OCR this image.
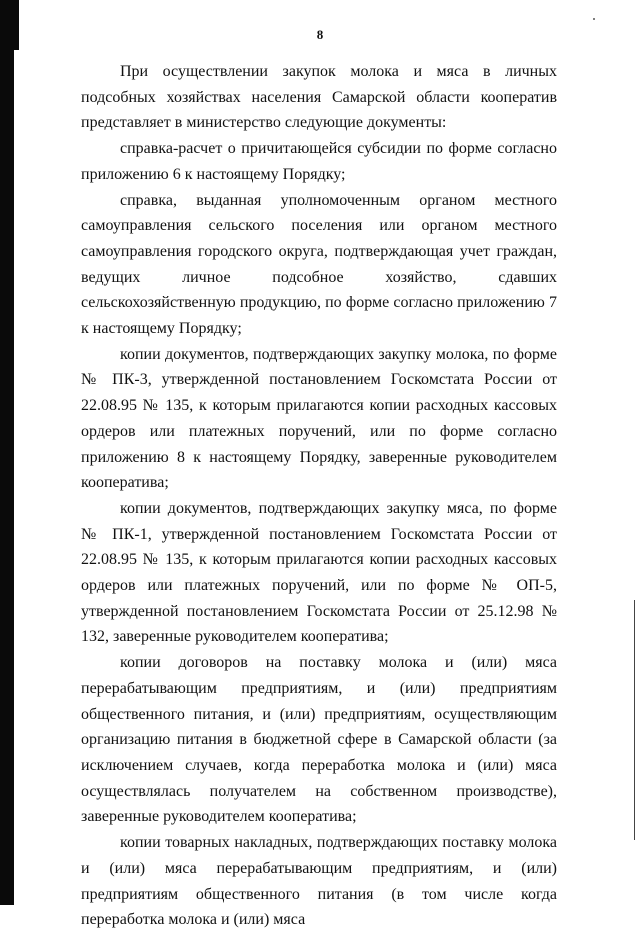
8

При осуществлении закупок молока и мяса в личных подсобных хозяйствах населения Самарской области кооператив представляет в министерство следующие документы:

справка-расчет о причитающейся субсидии по форме согласно приложению 6 к настоящему Порядку;

справка, выданная уполномоченным органом местного самоуправления сельского поселения или органом местного самоуправления городского округа, подтверждающая учет граждан, ведущих личное подсобное хозяйство, сдавших сельскохозяйственную продукцию, по форме согласно приложению 7 к настоящему Порядку;

копии документов, подтверждающих закупку молока, по форме № ПК-3, утвержденной постановлением Госкомстата России от 22.08.95 № 135, к которым прилагаются копии расходных кассовых ордеров или платежных поручений, или по форме согласно приложению 8 к настоящему Порядку, заверенные руководителем кооператива;

копии документов, подтверждающих закупку мяса, по форме № ПК-1, утвержденной постановлением Госкомстата России от 22.08.95 № 135, к которым прилагаются копии расходных кассовых ордеров или платежных поручений, или по форме № ОП-5, утвержденной постановлением Госкомстата России от 25.12.98 № 132, заверенные руководителем кооператива;

копии договоров на поставку молока и (или) мяса перерабатывающим предприятиям, и (или) предприятиям общественного питания, и (или) предприятиям, осуществляющим организацию питания в бюджетной сфере в Самарской области (за исключением случаев, когда переработка молока и (или) мяса осуществлялась получателем на собственном производстве), заверенные руководителем кооператива;

копии товарных накладных, подтверждающих поставку молока и (или) мяса перерабатывающим предприятиям, и (или) предприятиям общественного питания (в том числе когда переработка молока и (или) мяса
